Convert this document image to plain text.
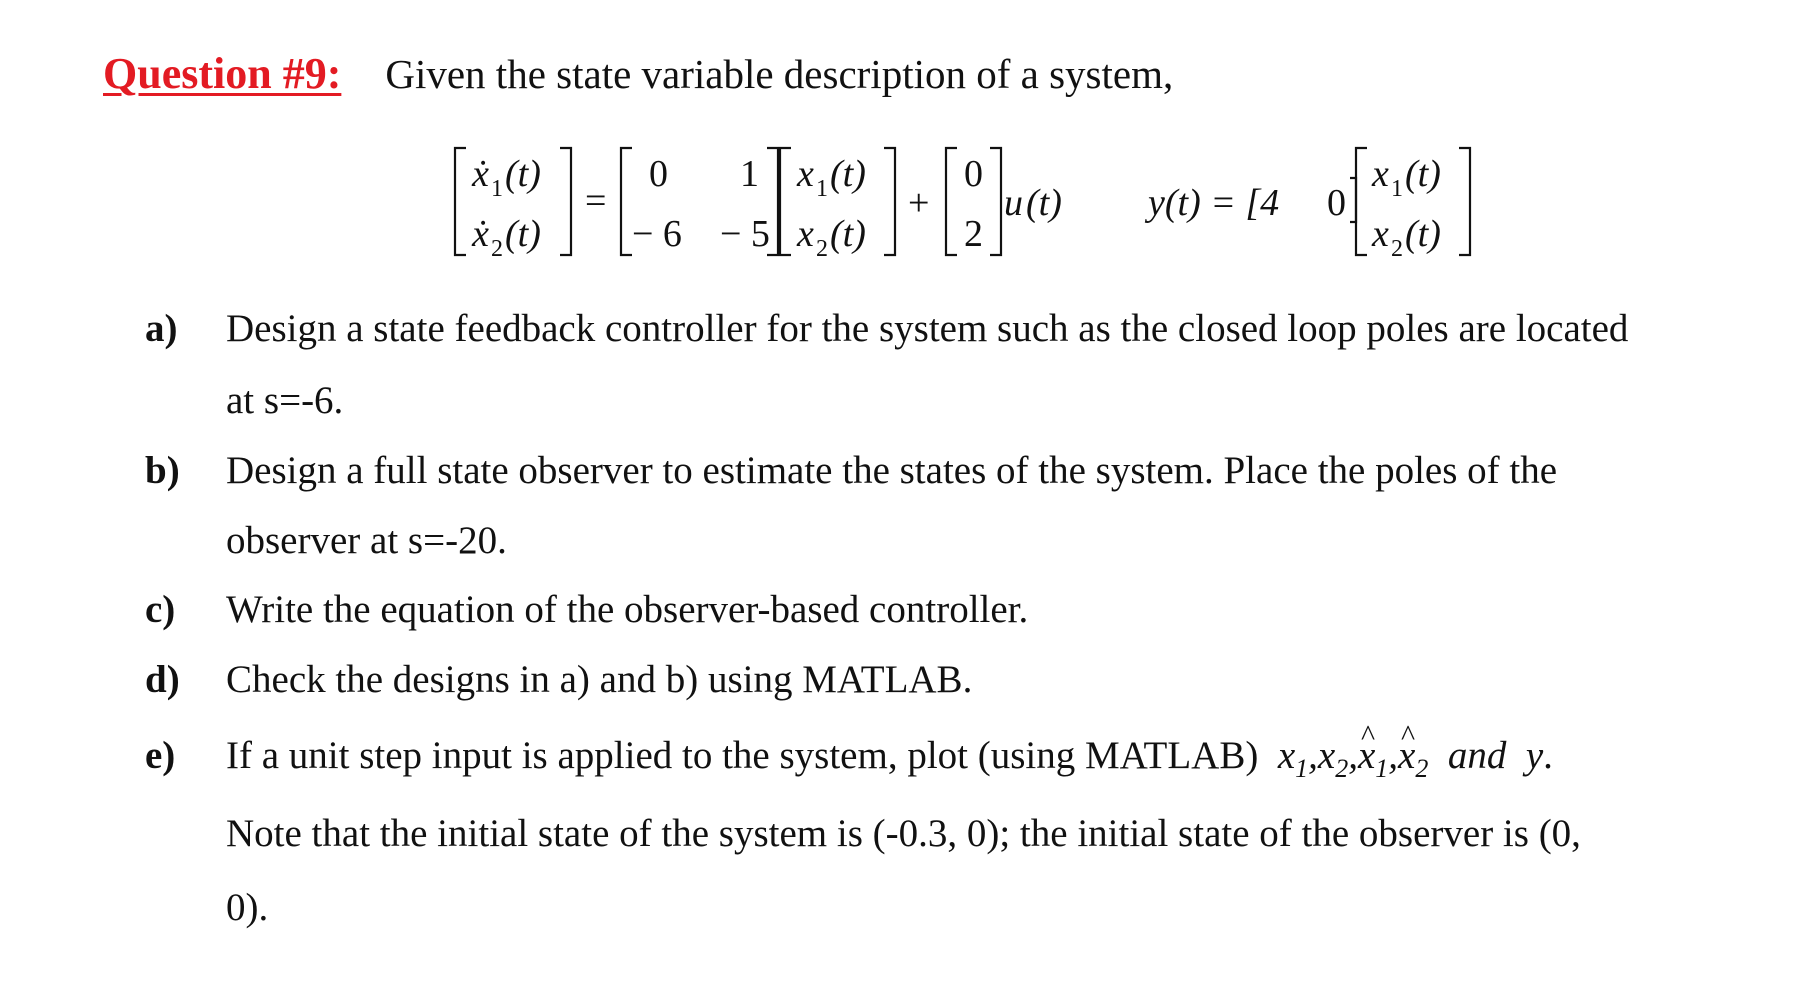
Question #9: Given the state variable description of a system,
ẋ 1 (t)
ẋ 2 (t)
=
0 1
− 6 − 5
x 1 (t)
x 2 (t)
+
0
2
u (t) y(t) = [4 0
x 1 (t)
x 2 (t)
a) Design a state feedback controller for the system such as the closed loop poles are located
at s=-6.
b) Design a full state observer to estimate the states of the system. Place the poles of the
observer at s=-20.
c) Write the equation of the observer-based controller.
d) Check the designs in a) and b) using MATLAB.
e) If a unit step input is applied to the system, plot (using MATLAB) $x_1,x_2,\^{}$ $x_1,\^{}$ $x_2$ and y.
Note that the initial state of the system is (-0.3, 0); the initial state of the observer is (0,
0).
